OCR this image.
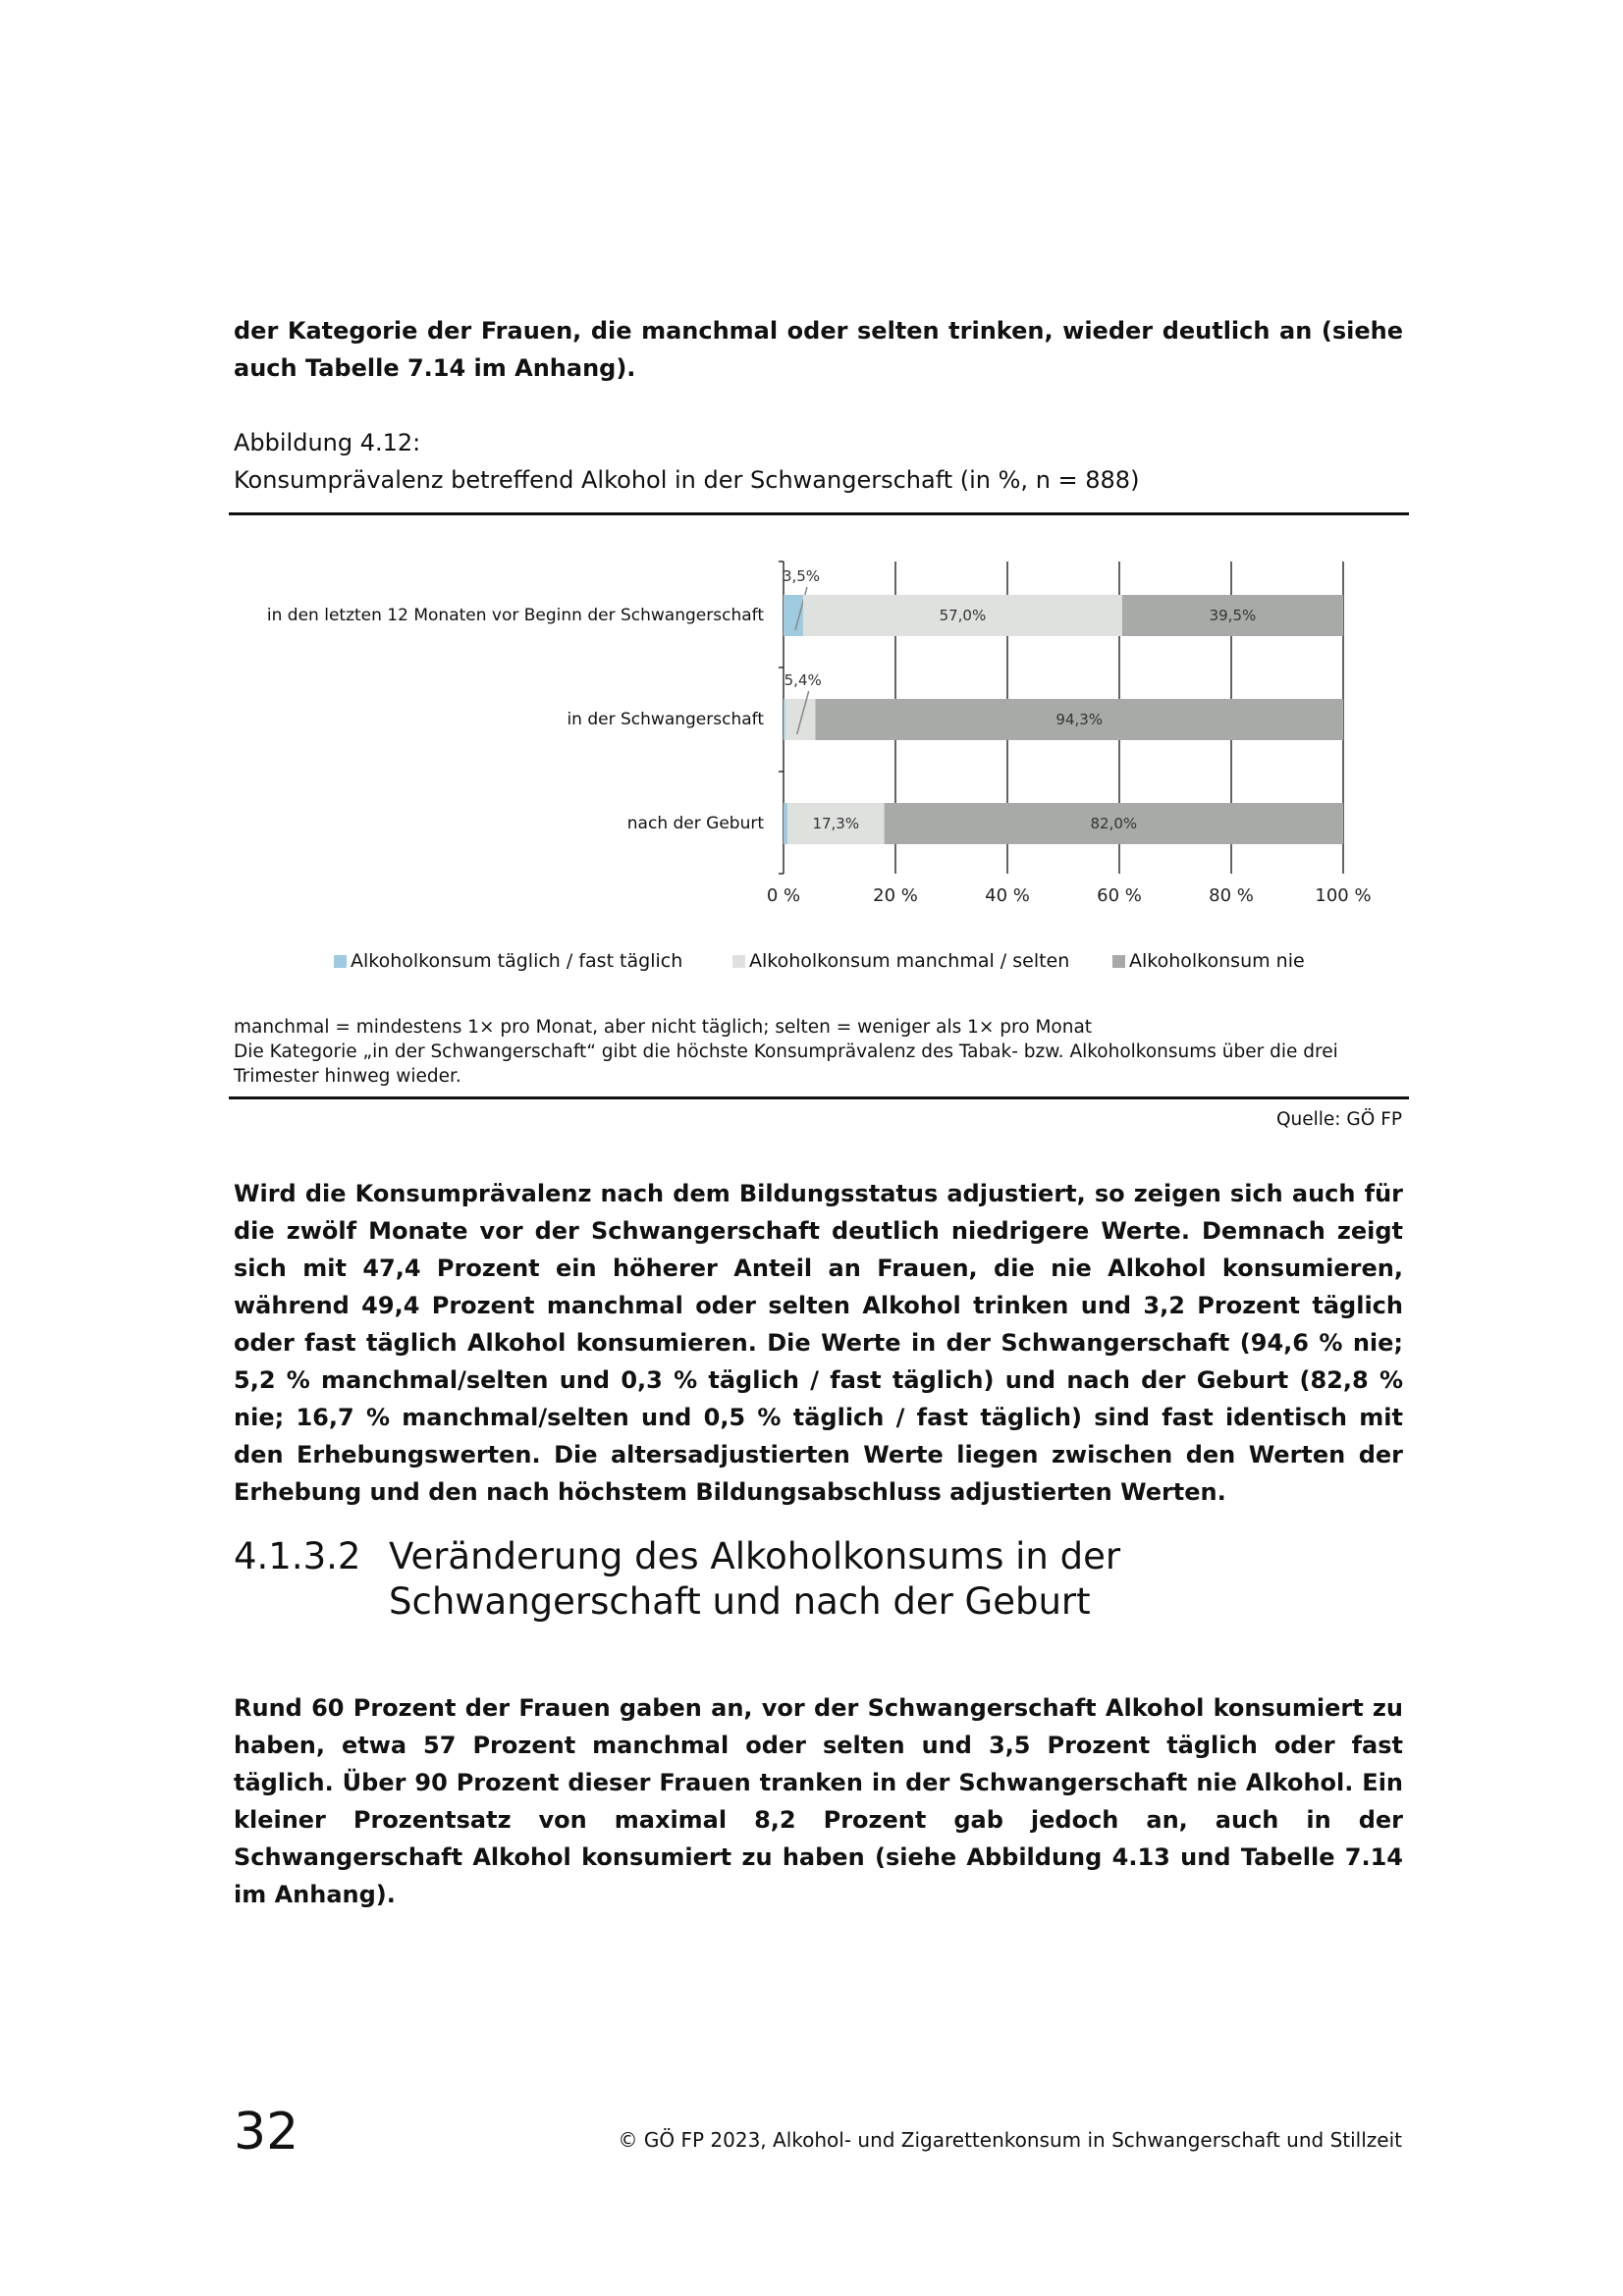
der Kategorie der Frauen, die manchmal oder selten trinken, wieder deutlich an (siehe auch Tabelle 7.14 im Anhang).

Abbildung 4.12:
Konsumprävalenz betreffend Alkohol in der Schwangerschaft (in %, n = 888)
3,5%
57,0%	39,5%
5,4%
94,3%
17,3%	82,0%
in den letzten 12 Monaten vor Beginn der Schwangerschaft
in der Schwangerschaft
nach der Geburt
0 %	20 %	40 %	60 %	80 %	100 %
Alkoholkonsum täglich / fast täglich	Alkoholkonsum manchmal / selten	Alkoholkonsum nie

manchmal = mindestens 1× pro Monat, aber nicht täglich; selten = weniger als 1× pro Monat

Die Kategorie „in der Schwangerschaft“ gibt die höchste Konsumprävalenz des Tabak- bzw. Alkoholkonsums über die drei Trimester hinweg wieder.

Quelle: GÖ FP

Wird die Konsumprävalenz nach dem Bildungsstatus adjustiert, so zeigen sich auch für die zwölf Monate vor der Schwangerschaft deutlich niedrigere Werte. Demnach zeigt sich mit 47,4 Prozent ein höherer Anteil an Frauen, die nie Alkohol konsumieren, während 49,4 Prozent manchmal oder selten Alkohol trinken und 3,2 Prozent täglich oder fast täglich Alkohol konsumieren. Die Werte in der Schwangerschaft (94,6 % nie; 5,2 % manchmal/selten und 0,3 % täglich / fast täglich) und nach der Geburt (82,8 % nie; 16,7 % manchmal/selten und 0,5 % täglich / fast täglich) sind fast identisch mit den Erhebungswerten. Die altersadjustierten Werte liegen zwischen den Werten der Erhebung und den nach höchstem Bildungsabschluss adjustierten Werten.

4.1.3.2 Veränderung des Alkoholkonsums in der
Schwangerschaft und nach der Geburt

Rund 60 Prozent der Frauen gaben an, vor der Schwangerschaft Alkohol konsumiert zu haben, etwa 57 Prozent manchmal oder selten und 3,5 Prozent täglich oder fast täglich. Über 90 Prozent dieser Frauen tranken in der Schwangerschaft nie Alkohol. Ein kleiner Prozentsatz von maximal 8,2 Prozent gab jedoch an, auch in der Schwangerschaft Alkohol konsumiert zu haben (siehe Abbildung 4.13 und Tabelle 7.14 im Anhang).

32	© GÖ FP 2023, Alkohol- und Zigarettenkonsum in Schwangerschaft und Stillzeit
